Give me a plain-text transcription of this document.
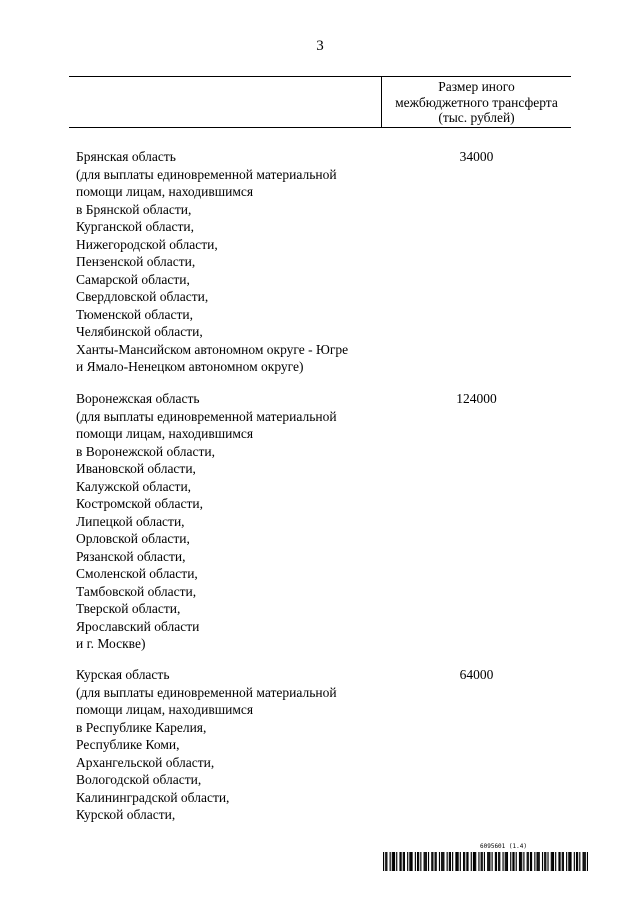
3
Размер иного
межбюджетного трансферта
(тыс. рублей)
Брянская область
(для выплаты единовременной материальной
помощи лицам, находившимся
в Брянской области,
Курганской области,
Нижегородской области,
Пензенской области,
Самарской области,
Свердловской области,
Тюменской области,
Челябинской области,
Ханты-Мансийском автономном округе - Югре
и Ямало-Ненецком автономном округе)
34000
Воронежская область
(для выплаты единовременной материальной
помощи лицам, находившимся
в Воронежской области,
Ивановской области,
Калужской области,
Костромской области,
Липецкой области,
Орловской области,
Рязанской области,
Смоленской области,
Тамбовской области,
Тверской области,
Ярославский области
и г. Москве)
124000
Курская область
(для выплаты единовременной материальной
помощи лицам, находившимся
в Республике Карелия,
Республике Коми,
Архангельской области,
Вологодской области,
Калининградской области,
Курской области,
64000
6095601 (1.4)
